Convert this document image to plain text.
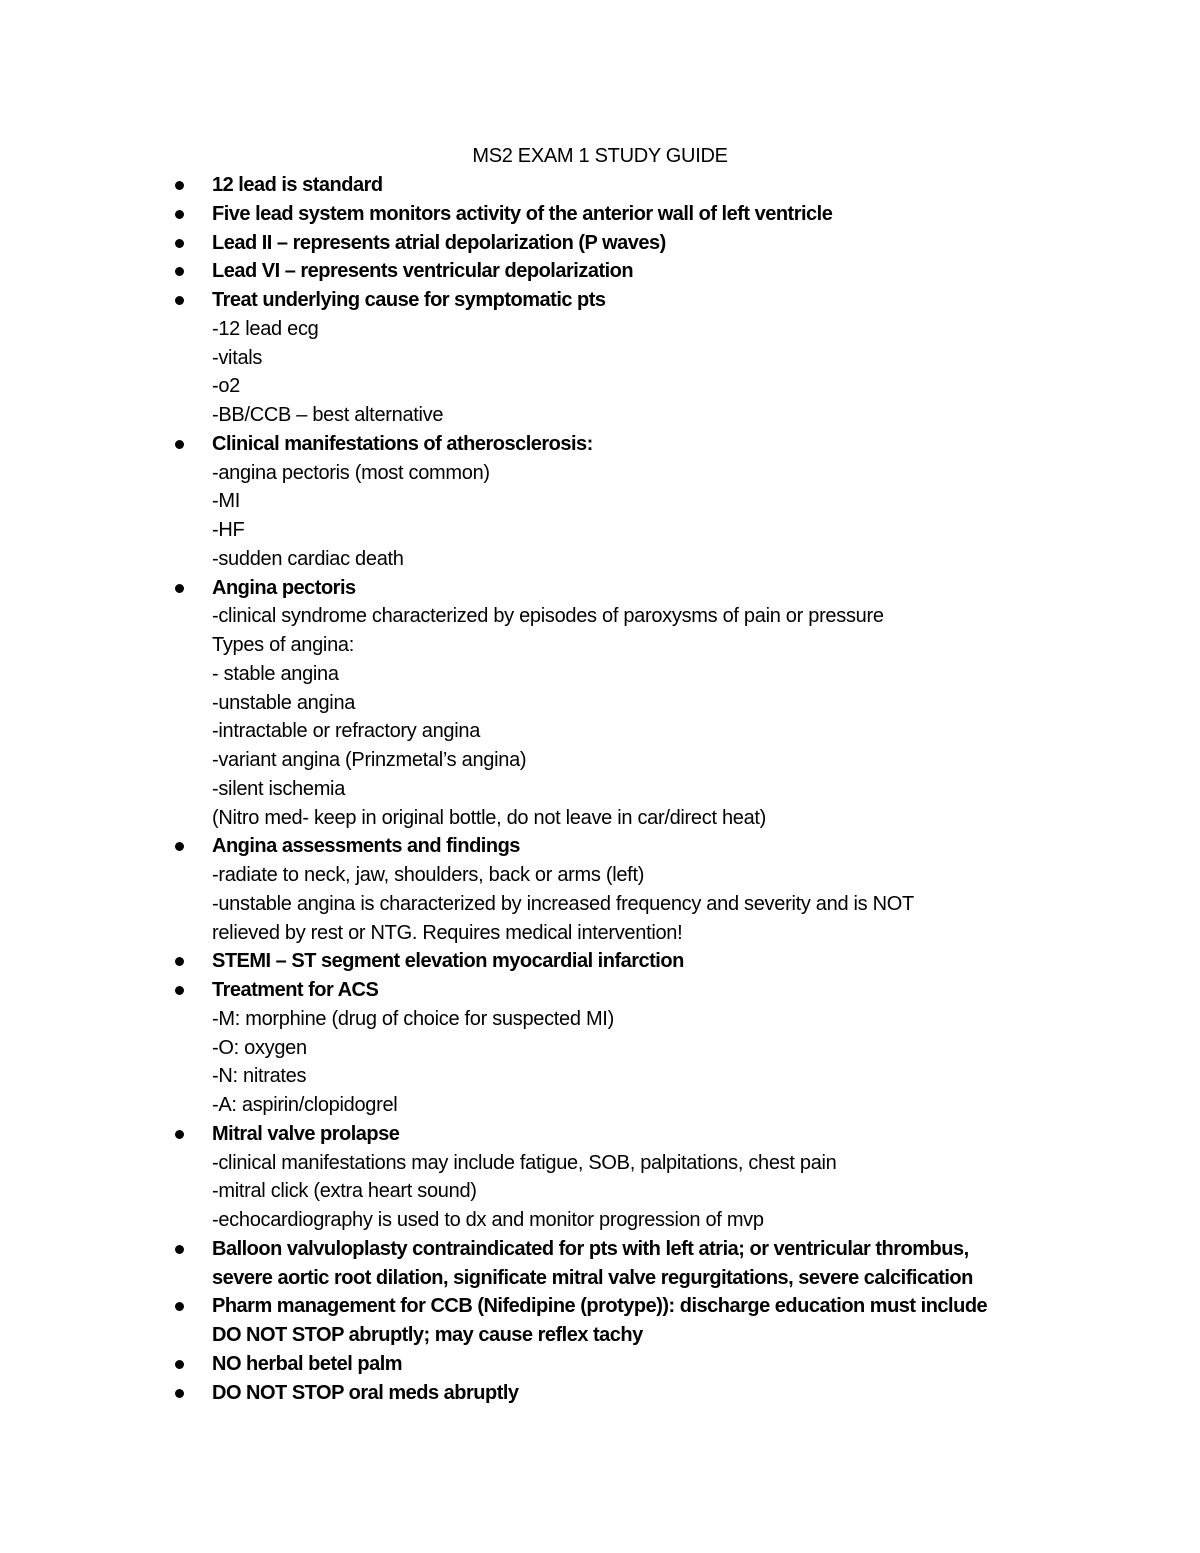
MS2 EXAM 1 STUDY GUIDE
12 lead is standard
Five lead system monitors activity of the anterior wall of left ventricle
Lead II – represents atrial depolarization (P waves)
Lead VI – represents ventricular depolarization
Treat underlying cause for symptomatic pts
-12 lead ecg
-vitals
-o2
-BB/CCB – best alternative
Clinical manifestations of atherosclerosis:
-angina pectoris (most common)
-MI
-HF
-sudden cardiac death
Angina pectoris
-clinical syndrome characterized by episodes of paroxysms of pain or pressure
Types of angina:
- stable angina
-unstable angina
-intractable or refractory angina
-variant angina (Prinzmetal’s angina)
-silent ischemia
(Nitro med- keep in original bottle, do not leave in car/direct heat)
Angina assessments and findings
-radiate to neck, jaw, shoulders, back or arms (left)
-unstable angina is characterized by increased frequency and severity and is NOT
relieved by rest or NTG. Requires medical intervention!
STEMI – ST segment elevation myocardial infarction
Treatment for ACS
-M: morphine (drug of choice for suspected MI)
-O: oxygen
-N: nitrates
-A: aspirin/clopidogrel
Mitral valve prolapse
-clinical manifestations may include fatigue, SOB, palpitations, chest pain
-mitral click (extra heart sound)
-echocardiography is used to dx and monitor progression of mvp
Balloon valvuloplasty contraindicated for pts with left atria; or ventricular thrombus,
severe aortic root dilation, significate mitral valve regurgitations, severe calcification
Pharm management for CCB (Nifedipine (protype)): discharge education must include
DO NOT STOP abruptly; may cause reflex tachy
NO herbal betel palm
DO NOT STOP oral meds abruptly
